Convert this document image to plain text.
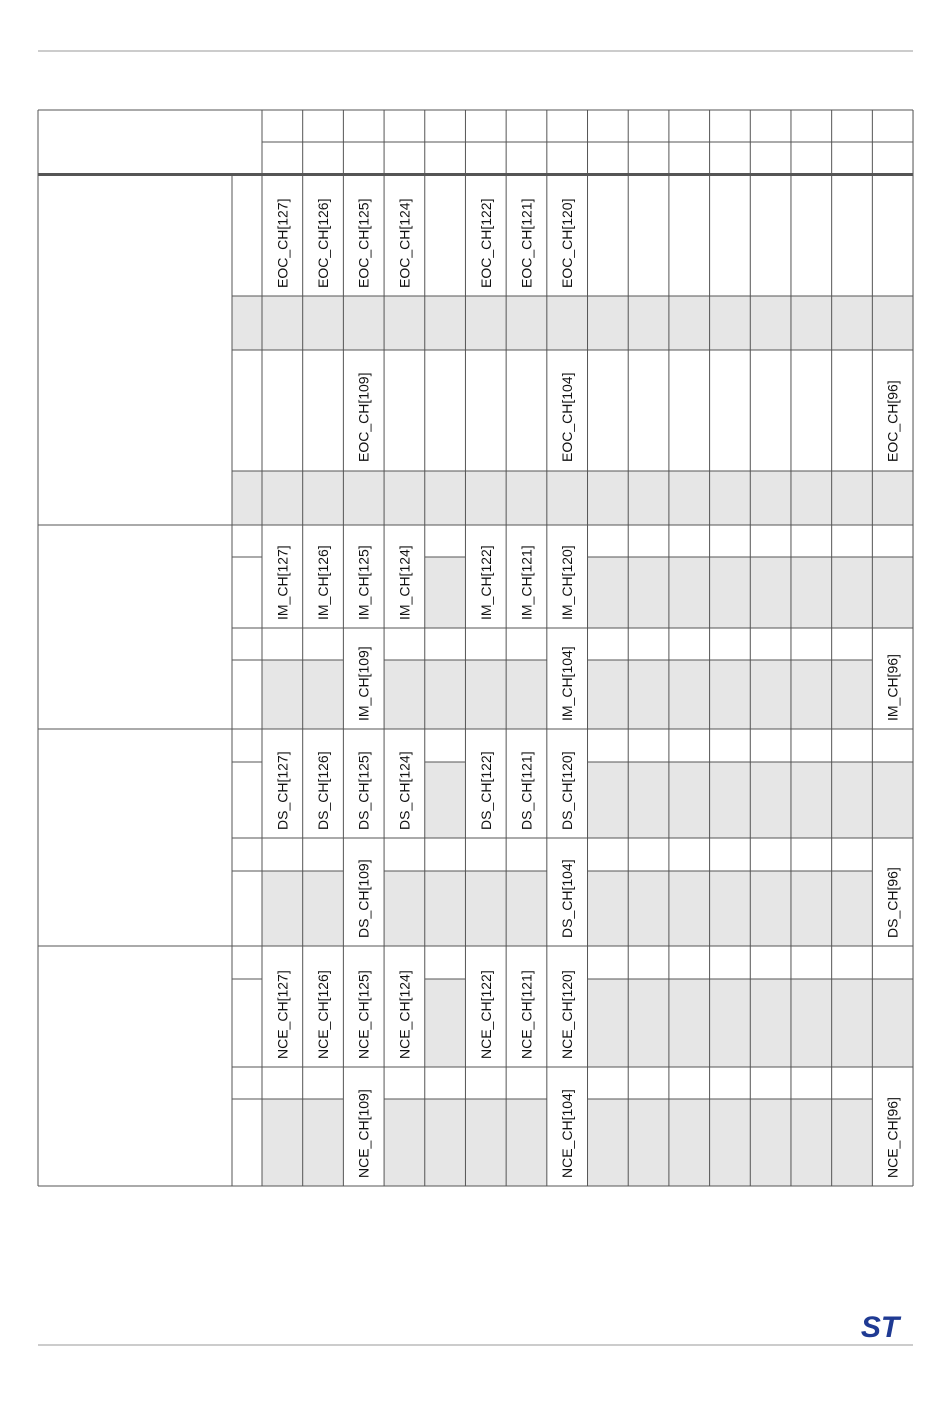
EOC_CH[127] EOC_CH[126] EOC_CH[125] EOC_CH[124]	EOC_CH[122] EOC_CH[121] EOC_CH[120]
EOC_CH[109]	EOC_CH[104]	EOC_CH[96]
IM_CH[127] IM_CH[126] IM_CH[125] IM_CH[124]	IM_CH[122] IM_CH[121] IM_CH[120]
IM_CH[109]	IM_CH[104]	IM_CH[96]
DS_CH[127] DS_CH[126] DS_CH[125] DS_CH[124]	DS_CH[122] DS_CH[121] DS_CH[120]
DS_CH[109]	DS_CH[104]	DS_CH[96]
NCE_CH[127] NCE_CH[126] NCE_CH[125] NCE_CH[124]	NCE_CH[122] NCE_CH[121] NCE_CH[120]
NCE_CH[109]	NCE_CH[104]	NCE_CH[96]
ST
